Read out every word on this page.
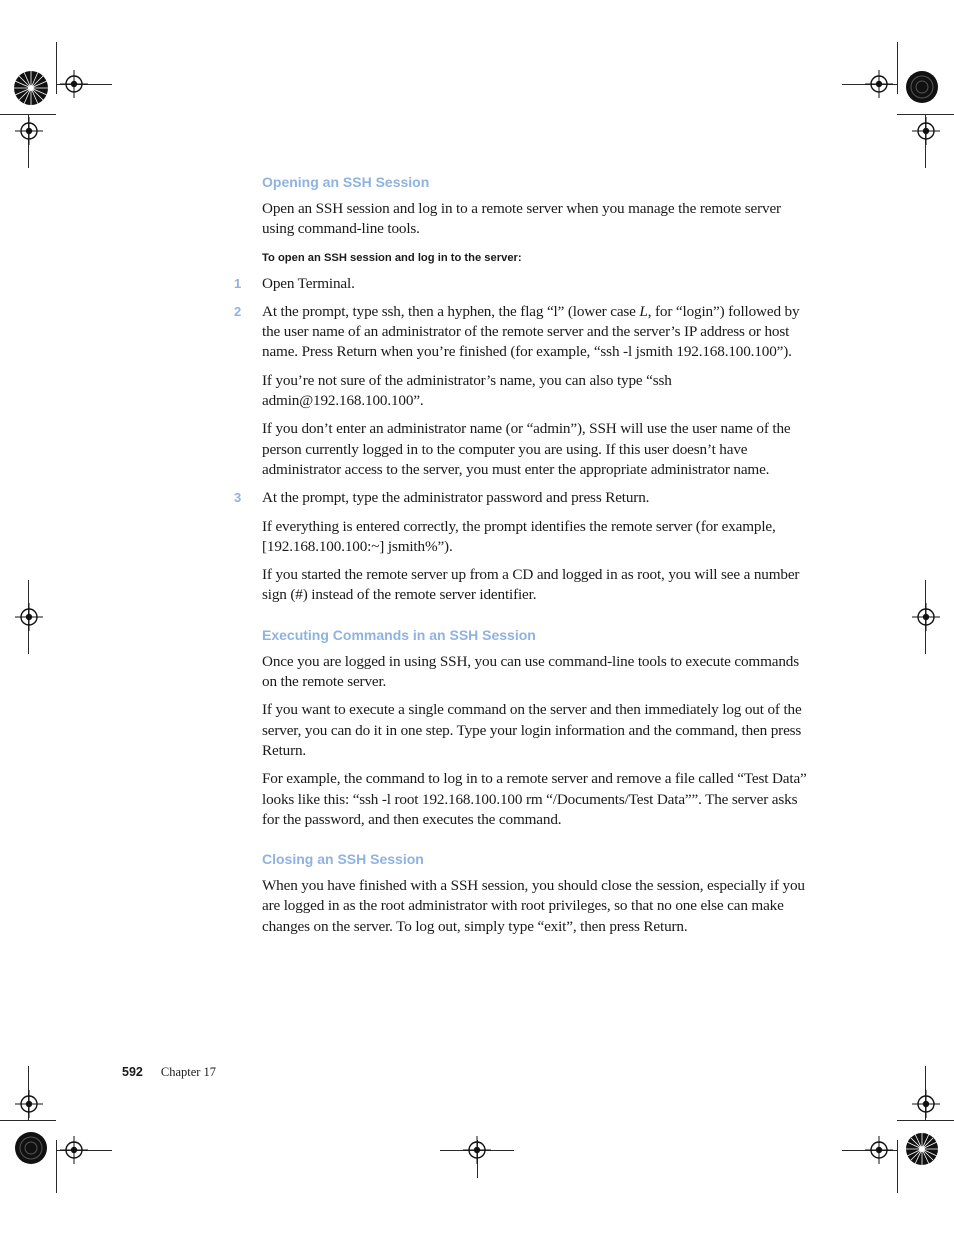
Opening an SSH Session

Open an SSH session and log in to a remote server when you manage the remote server using command-line tools.

To open an SSH session and log in to the server:

1 Open Terminal.

2 At the prompt, type ssh, then a hyphen, the flag “l” (lower case L, for “login”) followed by the user name of an administrator of the remote server and the server’s IP address or host name. Press Return when you’re finished (for example, “ssh -l jsmith 192.168.100.100”).

If you’re not sure of the administrator’s name, you can also type “ssh admin@192.168.100.100”.

If you don’t enter an administrator name (or “admin”), SSH will use the user name of the person currently logged in to the computer you are using. If this user doesn’t have administrator access to the server, you must enter the appropriate administrator name.

3 At the prompt, type the administrator password and press Return.

If everything is entered correctly, the prompt identifies the remote server (for example, [192.168.100.100:~] jsmith%”).

If you started the remote server up from a CD and logged in as root, you will see a number sign (#) instead of the remote server identifier.

Executing Commands in an SSH Session

Once you are logged in using SSH, you can use command-line tools to execute commands on the remote server.

If you want to execute a single command on the server and then immediately log out of the server, you can do it in one step. Type your login information and the command, then press Return.

For example, the command to log in to a remote server and remove a file called “Test Data” looks like this: “ssh -l root 192.168.100.100 rm “/Documents/Test Data””. The server asks for the password, and then executes the command.

Closing an SSH Session

When you have finished with a SSH session, you should close the session, especially if you are logged in as the root administrator with root privileges, so that no one else can make changes on the server. To log out, simply type “exit”, then press Return.

592 Chapter 17
